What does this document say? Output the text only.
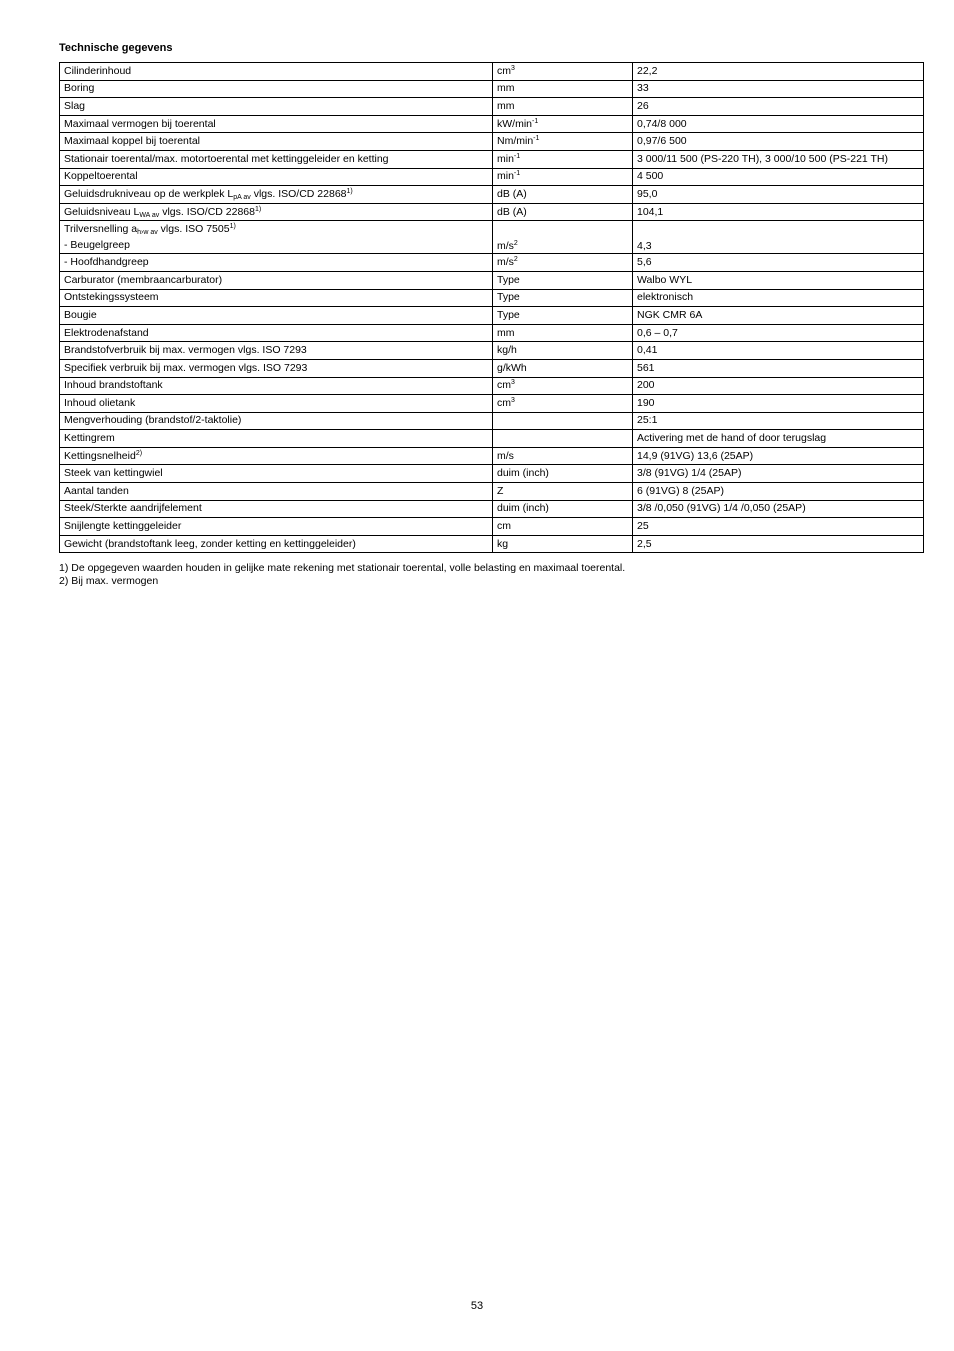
Technische gegevens
Cilinderinhoud	$cm^3$	22,2
Boring	mm	33
Slag	mm	26
Maximaal vermogen bij toerental	$kW/\min^{-1}$	0,74/8 000
Maximaal koppel bij toerental	$Nm/\min^{-1}$	0,97/6 500
Stationair toerental/max. motortoerental met kettinggeleider en ketting	$\min^{-1}$	3 000/11 500 (PS-220 TH), 3 000/10 500 (PS-221 TH)
Koppeltoerental	$\min^{-1}$	4 500
Geluidsdrukniveau op de werkplek $L_{pA av}$ vlgs. ISO/CD 22868$^{1)}$	dB (A)	95,0
Geluidsniveau $L_{WA av}$ vlgs. ISO/CD 22868$^{1)}$	dB (A)	104,1
Trilversnelling $a_{h›w av}$ vlgs. ISO 7505$^{1)}$
- Beugelgreep	$m/s^2$	4,3
- Hoofdhandgreep	$m/s^2$	5,6
Carburator (membraancarburator)	Type	Walbo WYL
Ontstekingssysteem	Type	elektronisch
Bougie	Type	NGK CMR 6A
Elektrodenafstand	mm	0,6 – 0,7
Brandstofverbruik bij max. vermogen vlgs. ISO 7293	kg/h	0,41
Specifiek verbruik bij max. vermogen vlgs. ISO 7293	g/kWh	561
Inhoud brandstoftank	$cm^3$	200
Inhoud olietank	$cm^3$	190
Mengverhouding (brandstof/2-taktolie)		25:1
Kettingrem		Activering met de hand of door terugslag
Kettingsnelheid$^{2)}$	m/s	14,9 (91VG) 13,6 (25AP)
Steek van kettingwiel	duim (inch)	3/8 (91VG) 1/4 (25AP)
Aantal tanden	Z	6 (91VG) 8 (25AP)
Steek/Sterkte aandrijfelement	duim (inch)	3/8 /0,050 (91VG) 1/4 /0,050 (25AP)
Snijlengte kettinggeleider	cm	25
Gewicht (brandstoftank leeg, zonder ketting en kettinggeleider)	kg	2,5
1) De opgegeven waarden houden in gelijke mate rekening met stationair toerental, volle belasting en maximaal toerental.
2) Bij max. vermogen
53
